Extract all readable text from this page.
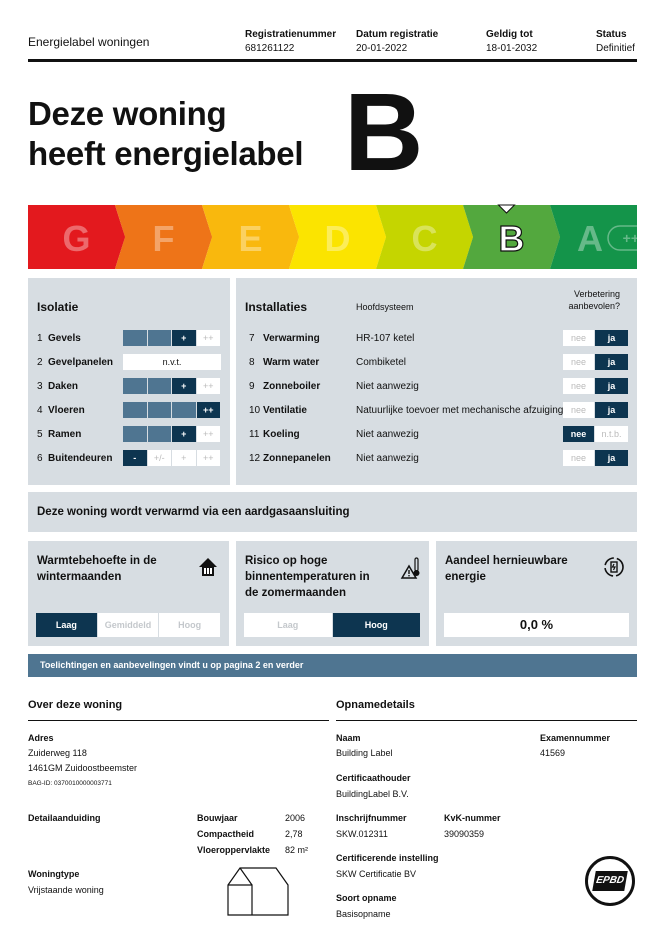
Energielabel woningen
Registratienummer
681261122
Datum registratie
20-01-2022
Geldig tot
18-01-2032
Status
Definitief
Deze woning
heeft energielabel B
G F E D C B A ++++
Isolatie
1 Gevels	+	++
2 Gevelpanelen	n.v.t.
3 Daken	+	++
4 Vloeren	++
5 Ramen	+	++
6 Buitendeuren	-	+/-	+	++
Installaties	Hoofdsysteem
Verbetering aanbevolen?
7 Verwarming	HR-107 ketel	nee	ja
8 Warm water	Combiketel	nee	ja
9 Zonneboiler	Niet aanwezig	nee	ja
10 Ventilatie	Natuurlijke toevoer met mechanische afzuiging nee	ja
11 Koeling	Niet aanwezig	nee	n.t.b.
12 Zonnepanelen	Niet aanwezig	nee	ja
Deze woning wordt verwarmd via een aardgasaansluiting
Warmtebehoefte in de wintermaanden
Laag	Gemiddeld	Hoog
Risico op hoge binnentemperaturen in de zomermaanden
Laag	Hoog
Aandeel hernieuwbare energie
0,0 %
Toelichtingen en aanbevelingen vindt u op pagina 2 en verder
Over deze woning
Adres
Zuiderweg 118
1461GM Zuidoostbeemster
BAG-ID: 0370010000003771
Detailaanduiding	Bouwjaar	2006
Compactheid	2,78
Vloeroppervlakte 82 m²
Woningtype
Vrijstaande woning
Opnamedetails
Naam
Building Label
Examennummer
41569
Certificaathouder
BuildingLabel B.V.
Inschrijfnummer
SKW.012311
KvK-nummer
39090359
Certificerende instelling
SKW Certificatie BV
Soort opname
Basisopname
EPBD
